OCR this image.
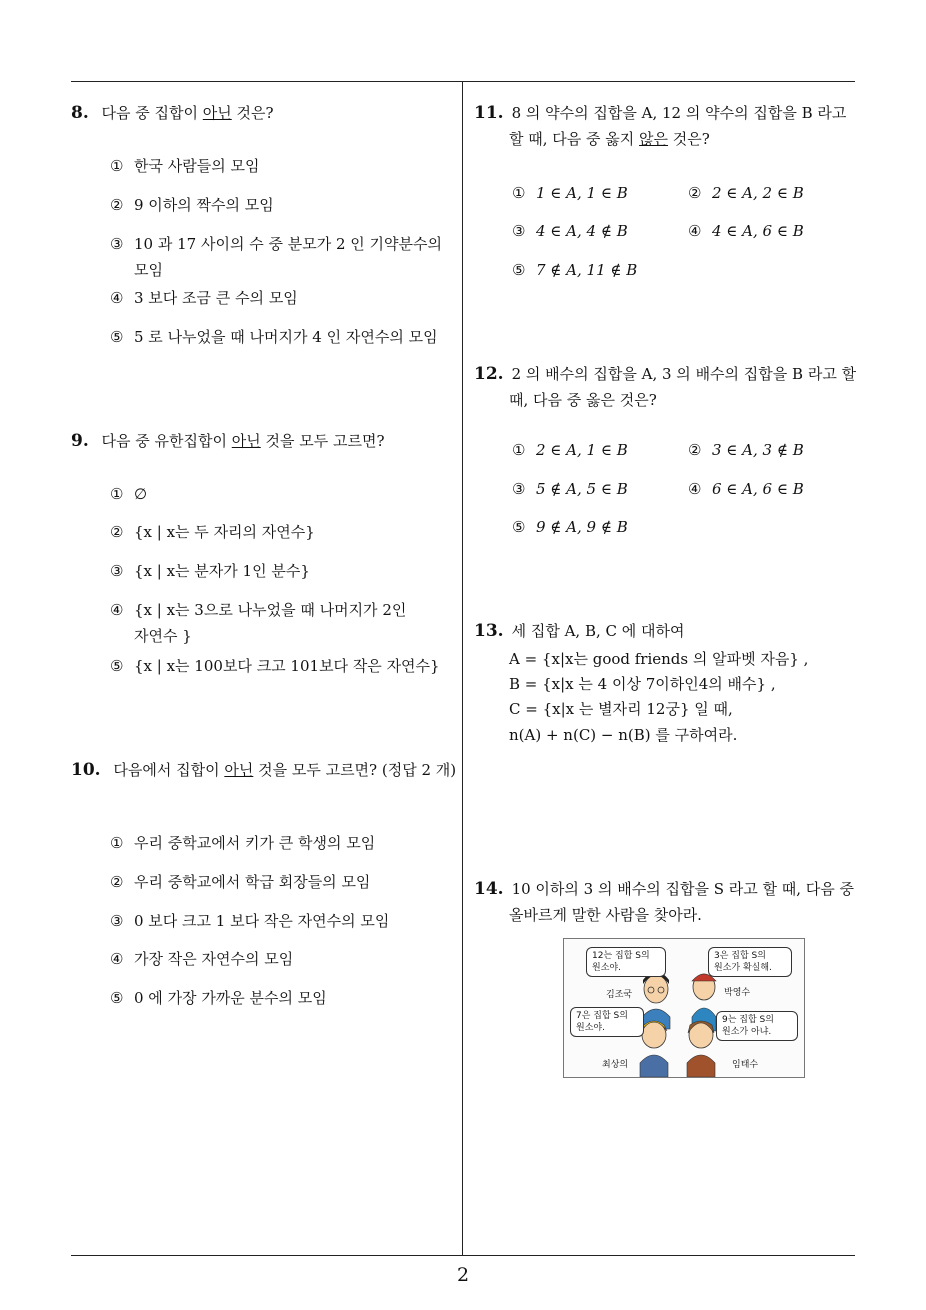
2
8. 다음 중 집합이 아닌 것은?
① 한국 사람들의 모임
② 9 이하의 짝수의 모임
③ 10 과 17 사이의 수 중 분모가 2 인 기약분수의
모임
④ 3 보다 조금 큰 수의 모임
⑤ 5 로 나누었을 때 나머지가 4 인 자연수의 모임
9. 다음 중 유한집합이 아닌 것을 모두 고르면?
① ∅
② {x | x는 두 자리의 자연수}
③ {x | x는 분자가 1인 분수}
④ {x | x는 3으로 나누었을 때 나머지가 2인
자연수 }
⑤ {x | x는 100보다 크고 101보다 작은 자연수}
10. 다음에서 집합이 아닌 것을 모두 고르면? (정답 2 개)
① 우리 중학교에서 키가 큰 학생의 모임
② 우리 중학교에서 학급 회장들의 모임
③ 0 보다 크고 1 보다 작은 자연수의 모임
④ 가장 작은 자연수의 모임
⑤ 0 에 가장 가까운 분수의 모임
11. 8 의 약수의 집합을 A, 12 의 약수의 집합을 B 라고
할 때, 다음 중 옳지 않은 것은?
① 1 ∈ A, 1 ∈ B	② 2 ∈ A, 2 ∈ B
③ 4 ∈ A, 4 ∉ B	④ 4 ∈ A, 6 ∈ B
⑤ 7 ∉ A, 11 ∉ B
12. 2 의 배수의 집합을 A, 3 의 배수의 집합을 B 라고 할
때, 다음 중 옳은 것은?
① 2 ∈ A, 1 ∈ B	② 3 ∈ A, 3 ∉ B
③ 5 ∉ A, 5 ∈ B	④ 6 ∈ A, 6 ∈ B
⑤ 9 ∉ A, 9 ∉ B
13. 세 집합 A, B, C 에 대하여
A = {x|x는 good friends 의 알파벳 자음} ,
B = {x|x 는 4 이상 7이하인4의 배수} ,
C = {x|x 는 별자리 12궁} 일 때,
n(A) + n(C) − n(B) 를 구하여라.
14. 10 이하의 3 의 배수의 집합을 S 라고 할 때, 다음 중
올바르게 말한 사람을 찾아라.
12는 집합 S의
원소야.
3은 집합 S의
원소가 확실해.
7은 집합 S의
원소야.
9는 집합 S의
원소가 아냐.
김조국	박영수
최상의	임태수
